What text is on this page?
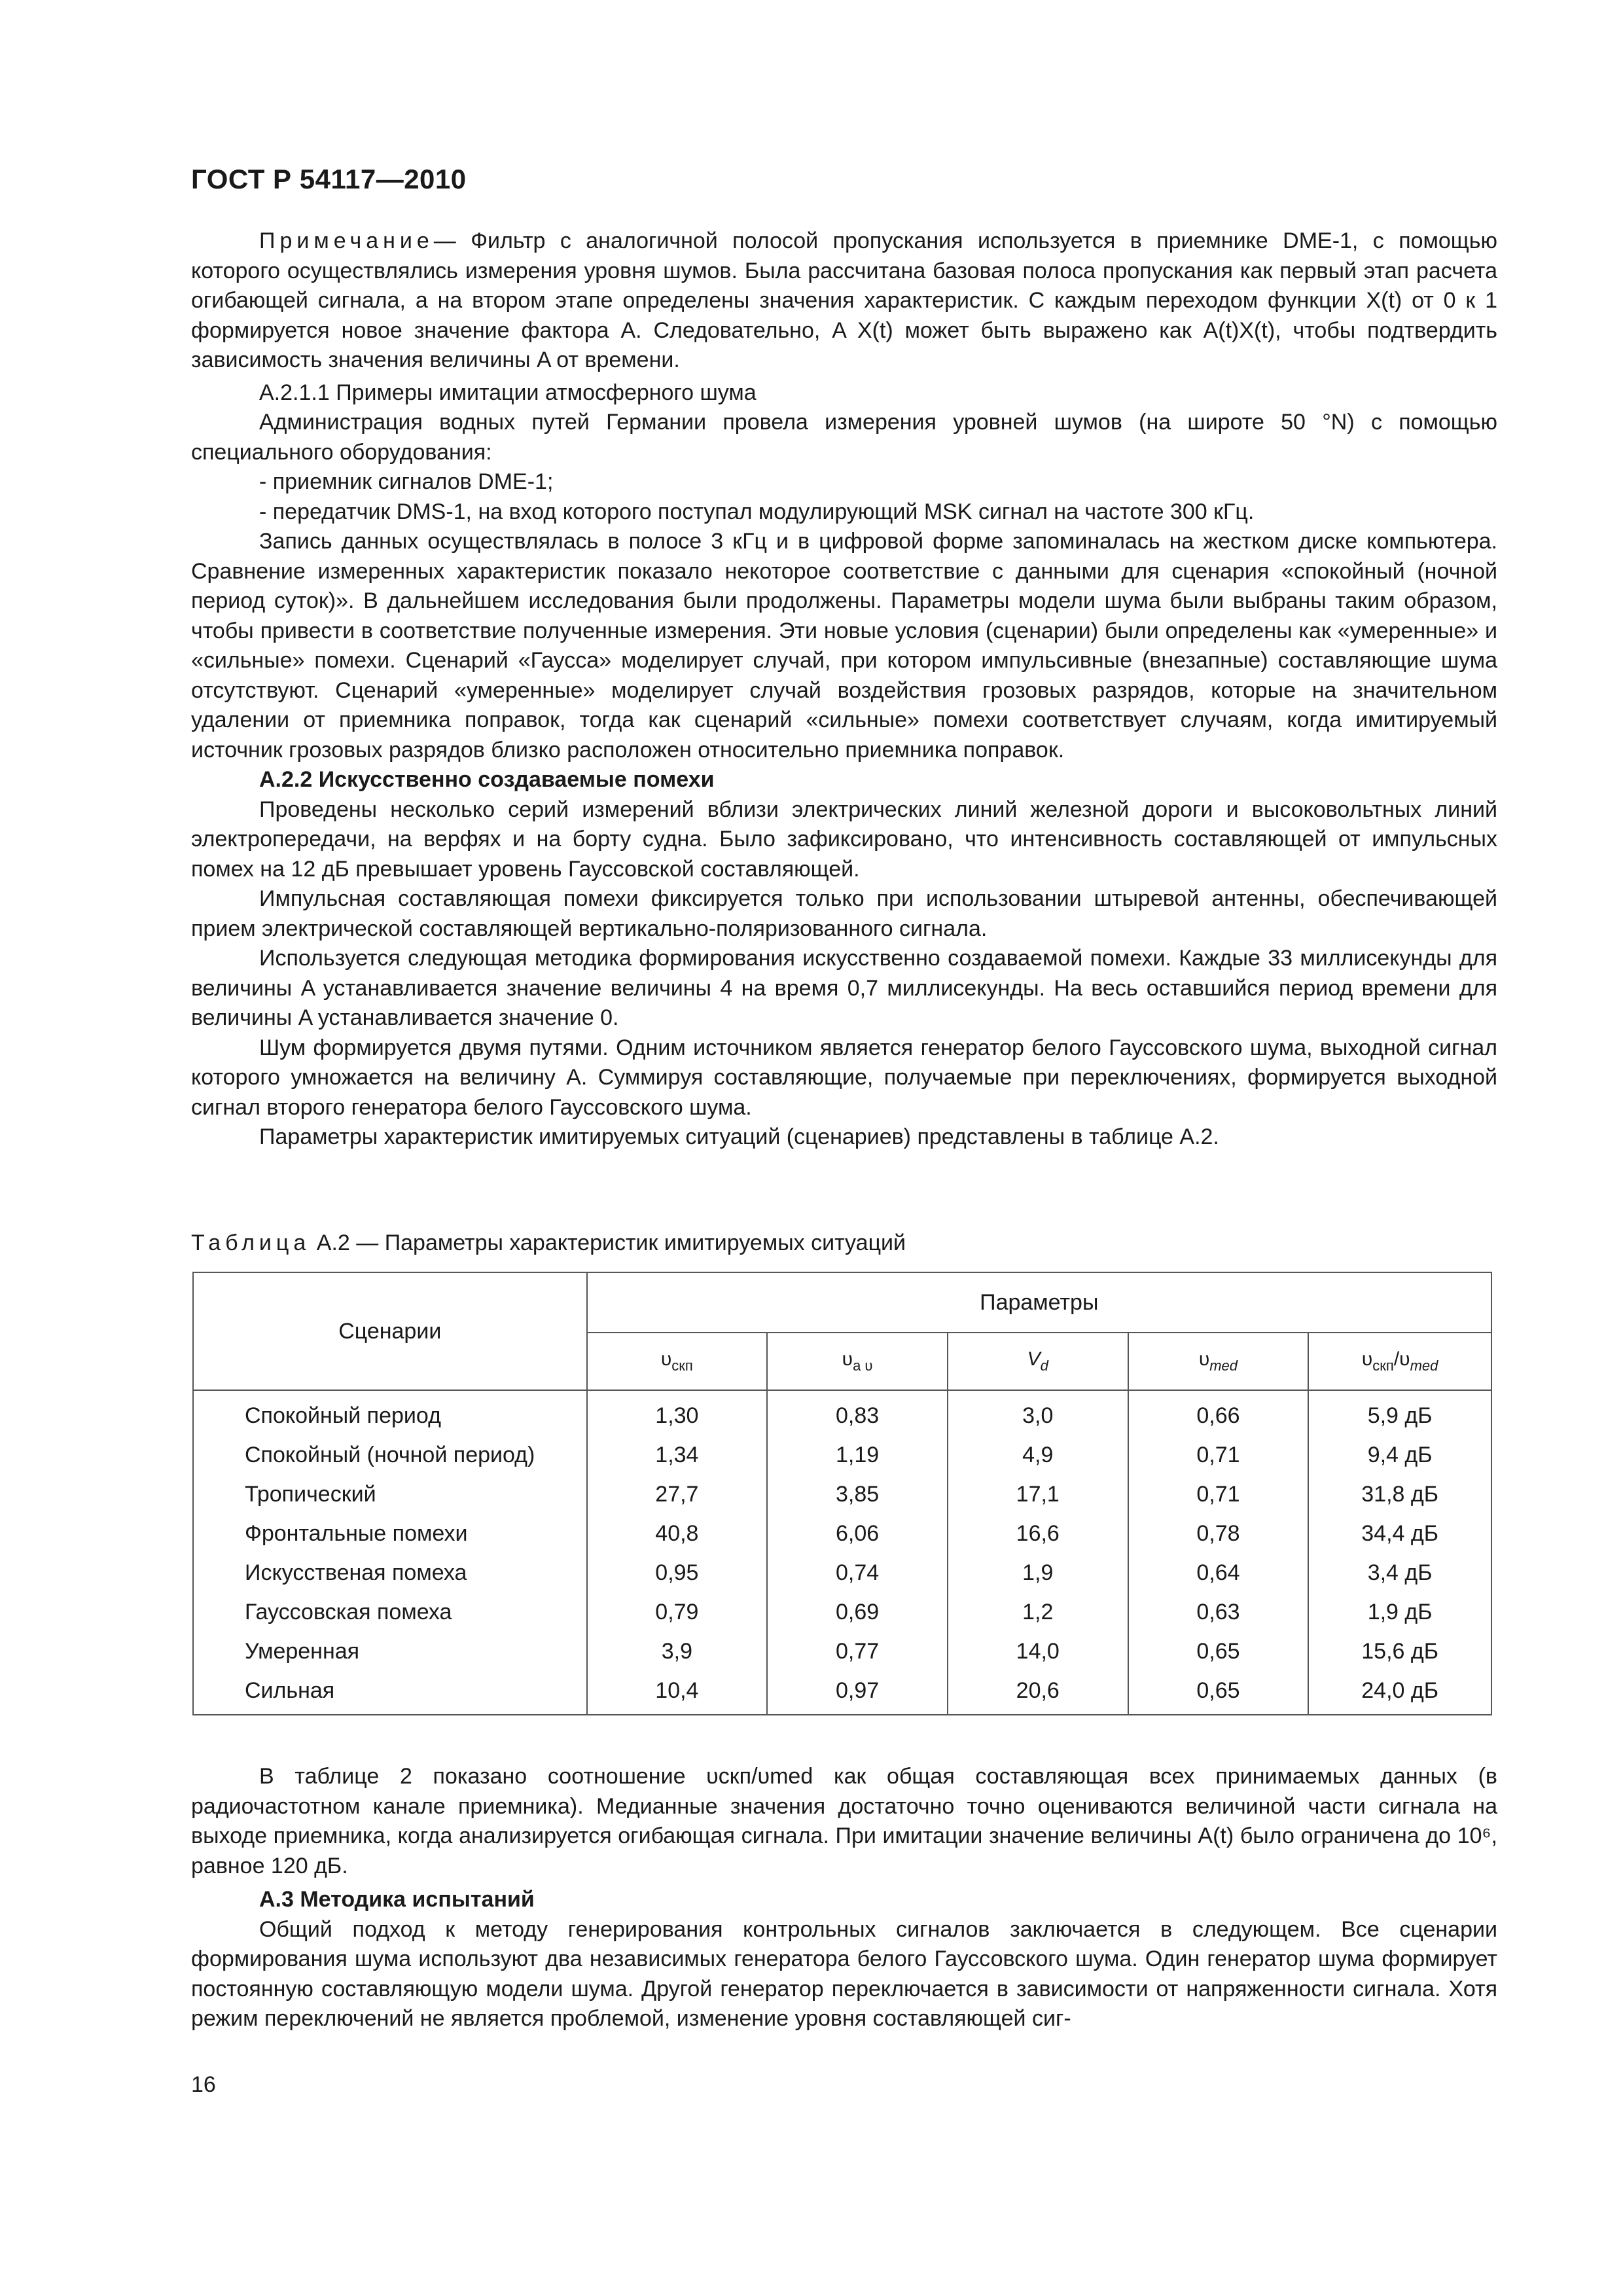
ГОСТ Р 54117—2010

Примечание— Фильтр с аналогичной полосой пропускания используется в приемнике DME-1, с помощью которого осуществлялись измерения уровня шумов. Была рассчитана базовая полоса пропускания как первый этап расчета огибающей сигнала, а на втором этапе определены значения характеристик. С каждым переходом функции X(t) от 0 к 1 формируется новое значение фактора A. Следовательно, A X(t) может быть выражено как A(t)X(t), чтобы подтвердить зависимость значения величины A от времени.

А.2.1.1 Примеры имитации атмосферного шума

Администрация водных путей Германии провела измерения уровней шумов (на широте 50 °N) с помощью специального оборудования:

- приемник сигналов DME-1;

- передатчик DMS-1, на вход которого поступал модулирующий MSK сигнал на частоте 300 кГц.

Запись данных осуществлялась в полосе 3 кГц и в цифровой форме запоминалась на жестком диске компьютера. Сравнение измеренных характеристик показало некоторое соответствие с данными для сценария «спокойный (ночной период суток)». В дальнейшем исследования были продолжены. Параметры модели шума были выбраны таким образом, чтобы привести в соответствие полученные измерения. Эти новые условия (сценарии) были определены как «умеренные» и «сильные» помехи. Сценарий «Гаусса» моделирует случай, при котором импульсивные (внезапные) составляющие шума отсутствуют. Сценарий «умеренные» моделирует случай воздействия грозовых разрядов, которые на значительном удалении от приемника поправок, тогда как сценарий «сильные» помехи соответствует случаям, когда имитируемый источник грозовых разрядов близко расположен относительно приемника поправок.

А.2.2 Искусственно создаваемые помехи

Проведены несколько серий измерений вблизи электрических линий железной дороги и высоковольтных линий электропередачи, на верфях и на борту судна. Было зафиксировано, что интенсивность составляющей от импульсных помех на 12 дБ превышает уровень Гауссовской составляющей.

Импульсная составляющая помехи фиксируется только при использовании штыревой антенны, обеспечивающей прием электрической составляющей вертикально-поляризованного сигнала.

Используется следующая методика формирования искусственно создаваемой помехи. Каждые 33 миллисекунды для величины A устанавливается значение величины 4 на время 0,7 миллисекунды. На весь оставшийся период времени для величины A устанавливается значение 0.

Шум формируется двумя путями. Одним источником является генератор белого Гауссовского шума, выходной сигнал которого умножается на величину A. Суммируя составляющие, получаемые при переключениях, формируется выходной сигнал второго генератора белого Гауссовского шума.

Параметры характеристик имитируемых ситуаций (сценариев) представлены в таблице А.2.

Таблица А.2 — Параметры характеристик имитируемых ситуаций
Сценарии	Параметры				
	$\upsilon_{скп}$	$\upsilon_{a \upsilon}$	$V_d$	$\upsilon_{med}$	$\upsilon_{скп}/\upsilon_{med}$
Спокойный период	1,30	0,83	3,0	0,66	5,9 дБ
Спокойный (ночной период)	1,34	1,19	4,9	0,71	9,4 дБ
Тропический	27,7	3,85	17,1	0,71	31,8 дБ
Фронтальные помехи	40,8	6,06	16,6	0,78	34,4 дБ
Искусственая помеха	0,95	0,74	1,9	0,64	3,4 дБ
Гауссовская помеха	0,79	0,69	1,2	0,63	1,9 дБ
Умеренная	3,9	0,77	14,0	0,65	15,6 дБ
Сильная	10,4	0,97	20,6	0,65	24,0 дБ

В таблице 2 показано соотношение υскп/υmed как общая составляющая всех принимаемых данных (в радиочастотном канале приемника). Медианные значения достаточно точно оцениваются величиной части сигнала на выходе приемника, когда анализируется огибающая сигнала. При имитации значение величины A(t) было ограничена до 10⁶, равное 120 дБ.

А.3 Методика испытаний

Общий подход к методу генерирования контрольных сигналов заключается в следующем. Все сценарии формирования шума используют два независимых генератора белого Гауссовского шума. Один генератор шума формирует постоянную составляющую модели шума. Другой генератор переключается в зависимости от напряженности сигнала. Хотя режим переключений не является проблемой, изменение уровня составляющей сиг-

16
